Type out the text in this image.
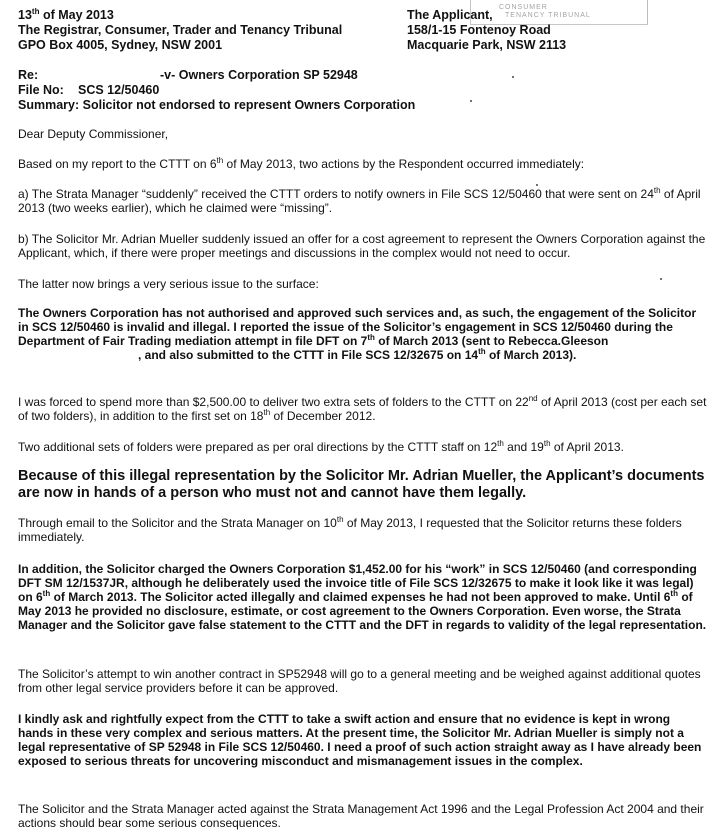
CONSUMER
TENANCY TRIBUNAL
13th of May 2013
The Registrar, Consumer, Trader and Tenancy Tribunal
GPO Box 4005, Sydney, NSW 2001
The Applicant,
158/1-15 Fontenoy Road
Macquarie Park, NSW 2113
Re:	-v- Owners Corporation SP 52948
File No: SCS 12/50460
Summary: Solicitor not endorsed to represent Owners Corporation

Dear Deputy Commissioner,

Based on my report to the CTTT on 6th of May 2013, two actions by the Respondent occurred immediately:

a) The Strata Manager “suddenly” received the CTTT orders to notify owners in File SCS 12/50460 that were sent on 24th of April 2013 (two weeks earlier), which he claimed were “missing”.

b) The Solicitor Mr. Adrian Mueller suddenly issued an offer for a cost agreement to represent the Owners Corporation against the Applicant, which, if there were proper meetings and discussions in the complex would not need to occur.

The latter now brings a very serious issue to the surface:

The Owners Corporation has not authorised and approved such services and, as such, the engagement of the Solicitor in SCS 12/50460 is invalid and illegal. I reported the issue of the Solicitor’s engagement in SCS 12/50460 during the Department of Fair Trading mediation attempt in file DFT on 7th of March 2013 (sent to Rebecca.Gleeson, and also submitted to the CTTT in File SCS 12/32675 on 14th of March 2013).

I was forced to spend more than $2,500.00 to deliver two extra sets of folders to the CTTT on 22nd of April 2013 (cost per each set of two folders), in addition to the first set on 18th of December 2012.

Two additional sets of folders were prepared as per oral directions by the CTTT staff on 12th and 19th of April 2013.

Because of this illegal representation by the Solicitor Mr. Adrian Mueller, the Applicant’s documents are now in hands of a person who must not and cannot have them legally.

Through email to the Solicitor and the Strata Manager on 10th of May 2013, I requested that the Solicitor returns these folders immediately.

In addition, the Solicitor charged the Owners Corporation $1,452.00 for his “work” in SCS 12/50460 (and corresponding DFT SM 12/1537JR, although he deliberately used the invoice title of File SCS 12/32675 to make it look like it was legal) on 6th of March 2013. The Solicitor acted illegally and claimed expenses he had not been approved to make. Until 6th of May 2013 he provided no disclosure, estimate, or cost agreement to the Owners Corporation. Even worse, the Strata Manager and the Solicitor gave false statement to the CTTT and the DFT in regards to validity of the legal representation.

The Solicitor’s attempt to win another contract in SP52948 will go to a general meeting and be weighed against additional quotes from other legal service providers before it can be approved.

I kindly ask and rightfully expect from the CTTT to take a swift action and ensure that no evidence is kept in wrong hands in these very complex and serious matters. At the present time, the Solicitor Mr. Adrian Mueller is simply not a legal representative of SP 52948 in File SCS 12/50460. I need a proof of such action straight away as I have already been exposed to serious threats for uncovering misconduct and mismanagement issues in the complex.

The Solicitor and the Strata Manager acted against the Strata Management Act 1996 and the Legal Profession Act 2004 and their actions should bear some serious consequences.
